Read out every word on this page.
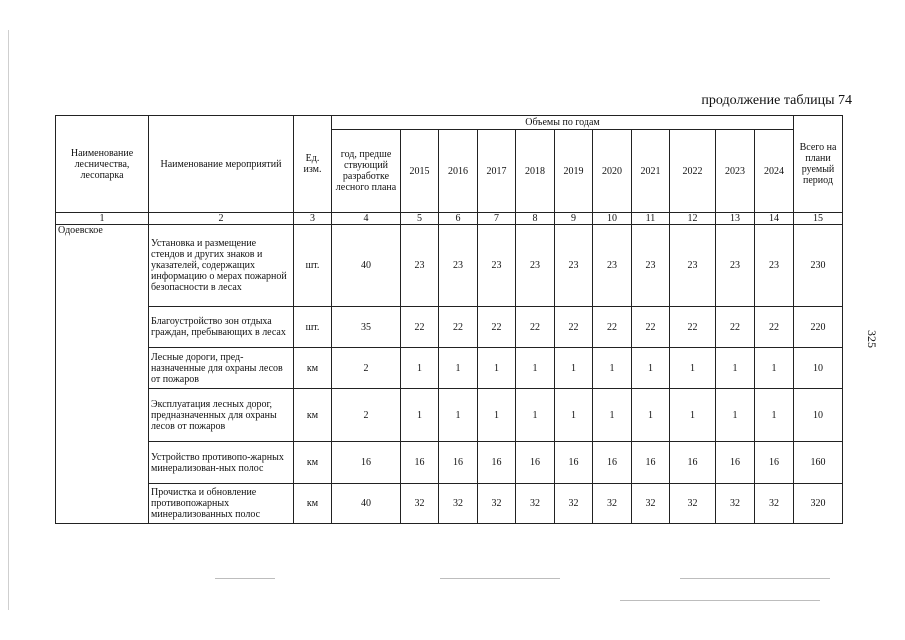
продолжение таблицы 74
325
Наименование лесничества, лесопарка	Наименование мероприятий	Ед. изм.	Объемы по годам											Всего на плани руемый период
			год, предше ствующий разработке лесного плана	2015	2016	2017	2018	2019	2020	2021	2022	2023	2024	
1	2	3	4	5	6	7	8	9	10	11	12	13	14	15
Одоевское	Установка и размещение стендов и других знаков и указателей, содержащих информацию о мерах пожарной безопасности в лесах	шт.	40	23	23	23	23	23	23	23	23	23	23	230
	Благоустройство зон отдыха граждан, пребывающих в лесах	шт.	35	22	22	22	22	22	22	22	22	22	22	220
	Лесные дороги, пред-назначенные для охраны лесов от пожаров	км	2	1	1	1	1	1	1	1	1	1	1	10
	Эксплуатация лесных дорог, предназначенных для охраны лесов от пожаров	км	2	1	1	1	1	1	1	1	1	1	1	10
	Устройство противопо-жарных минерализован-ных полос	км	16	16	16	16	16	16	16	16	16	16	16	160
	Прочистка и обновление противопожарных минерализованных полос	км	40	32	32	32	32	32	32	32	32	32	32	320
